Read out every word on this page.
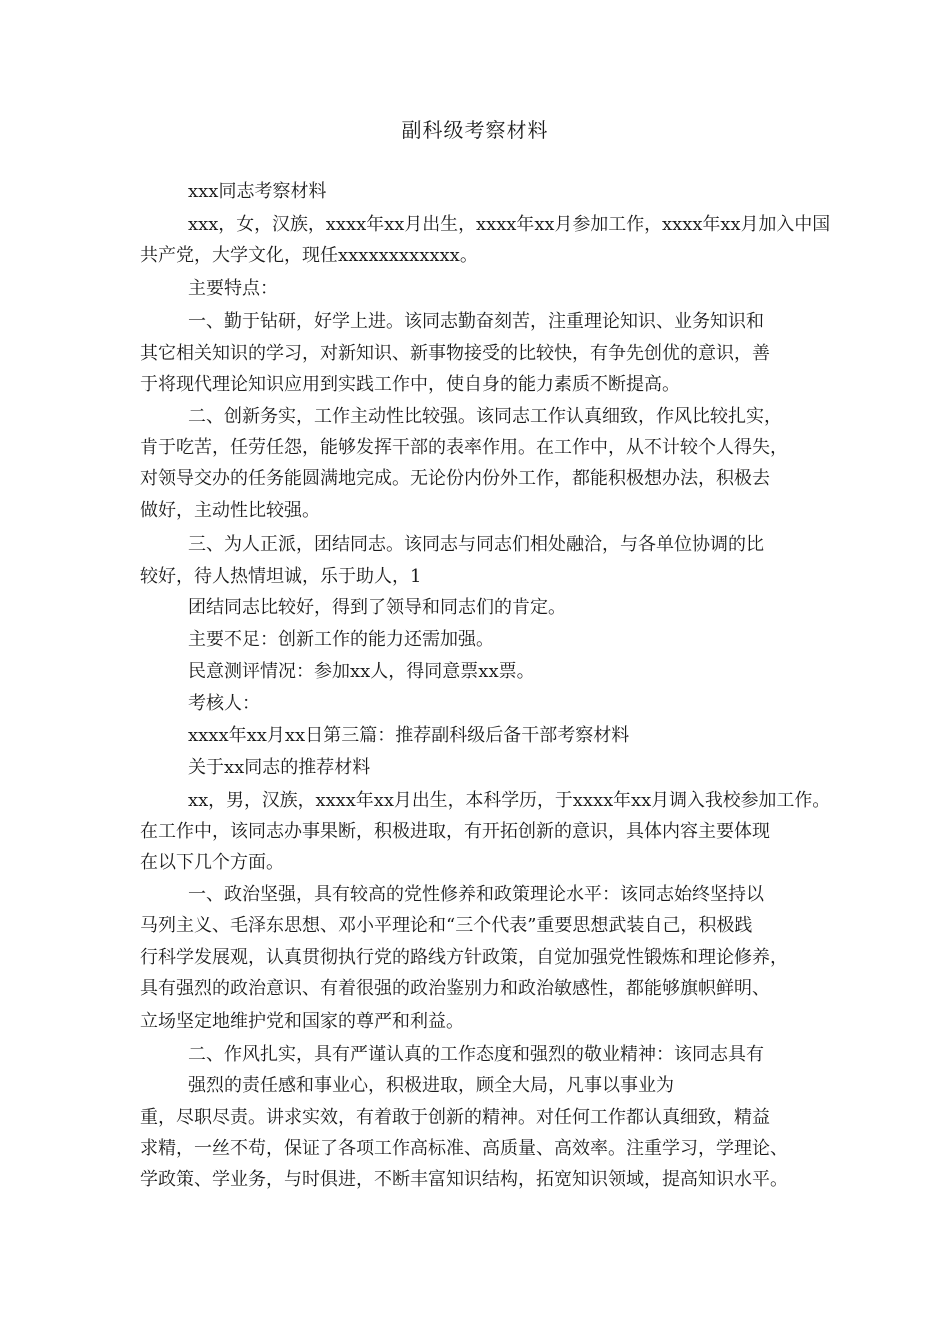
副科级考察材料
xxx同志考察材料
xxx，女，汉族，xxxx年xx月出生，xxxx年xx月参加工作，xxxx年xx月加入中国
共产党，大学文化，现任xxxxxxxxxxxx。
主要特点：
一、勤于钻研，好学上进。该同志勤奋刻苦，注重理论知识、业务知识和
其它相关知识的学习，对新知识、新事物接受的比较快，有争先创优的意识，善
于将现代理论知识应用到实践工作中，使自身的能力素质不断提高。
二、创新务实，工作主动性比较强。该同志工作认真细致，作风比较扎实，
肯于吃苦，任劳任怨，能够发挥干部的表率作用。在工作中，从不计较个人得失，
对领导交办的任务能圆满地完成。无论份内份外工作，都能积极想办法，积极去
做好，主动性比较强。
三、为人正派，团结同志。该同志与同志们相处融洽，与各单位协调的比
较好，待人热情坦诚，乐于助人，1
团结同志比较好，得到了领导和同志们的肯定。
主要不足：创新工作的能力还需加强。
民意测评情况：参加xx人，得同意票xx票。
考核人：
xxxx年xx月xx日第三篇：推荐副科级后备干部考察材料
关于xx同志的推荐材料
xx，男，汉族，xxxx年xx月出生，本科学历，于xxxx年xx月调入我校参加工作。
在工作中，该同志办事果断，积极进取，有开拓创新的意识，具体内容主要体现
在以下几个方面。
一、政治坚强，具有较高的党性修养和政策理论水平：该同志始终坚持以
马列主义、毛泽东思想、邓小平理论和“三个代表”重要思想武装自己，积极践
行科学发展观，认真贯彻执行党的路线方针政策，自觉加强党性锻炼和理论修养，
具有强烈的政治意识、有着很强的政治鉴别力和政治敏感性，都能够旗帜鲜明、
立场坚定地维护党和国家的尊严和利益。
二、作风扎实，具有严谨认真的工作态度和强烈的敬业精神：该同志具有
强烈的责任感和事业心，积极进取，顾全大局，凡事以事业为
重，尽职尽责。讲求实效，有着敢于创新的精神。对任何工作都认真细致，精益
求精，一丝不苟，保证了各项工作高标准、高质量、高效率。注重学习，学理论、
学政策、学业务，与时俱进，不断丰富知识结构，拓宽知识领域，提高知识水平。
